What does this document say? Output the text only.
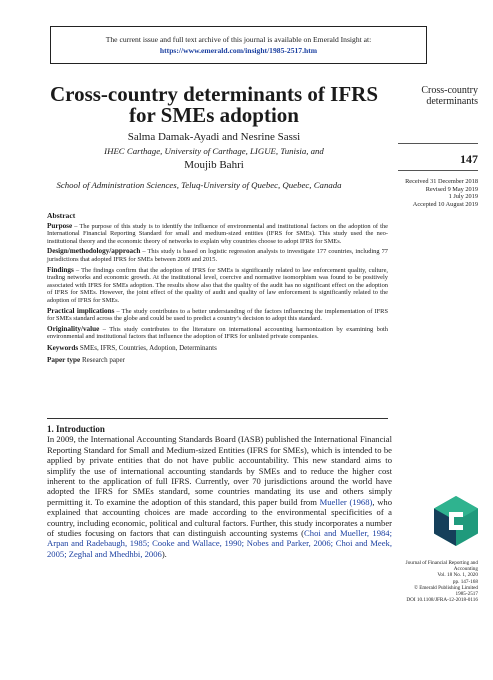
The current issue and full text archive of this journal is available on Emerald Insight at:
https://www.emerald.com/insight/1985-2517.htm
Cross-country determinants of IFRS for SMEs adoption
Salma Damak-Ayadi and Nesrine Sassi
IHEC Carthage, University of Carthage, LIGUE, Tunisia, and
Moujib Bahri
School of Administration Sciences, Teluq-University of Quebec, Quebec, Canada
Cross-country determinants
147
Received 31 December 2018
Revised 9 May 2019
1 July 2019
Accepted 10 August 2019
Abstract

Purpose – The purpose of this study is to identify the influence of environmental and institutional factors on the adoption of the International Financial Reporting Standard for small and medium-sized entities (IFRS for SMEs). This study used the neo-institutional theory and the economic theory of networks to explain why countries choose to adopt IFRS for SMEs.

Design/methodology/approach – This study is based on logistic regression analysis to investigate 177 countries, including 77 jurisdictions that adopted IFRS for SMEs between 2009 and 2015.

Findings – The findings confirm that the adoption of IFRS for SMEs is significantly related to law enforcement quality, culture, trading networks and economic growth. At the institutional level, coercive and normative isomorphism was found to be positively associated with IFRS for SMEs adoption. The results show also that the quality of the audit has no significant effect on the adoption of IFRS for SMEs. However, the joint effect of the quality of audit and quality of law enforcement is significantly related to the adoption of IFRS for SMEs.

Practical implications – The study contributes to a better understanding of the factors influencing the implementation of IFRS for SMEs standard across the globe and could be used to predict a country’s decision to adopt this standard.

Originality/value – This study contributes to the literature on international accounting harmonization by examining both environmental and institutional factors that influence the adoption of IFRS for unlisted private companies.

Keywords SMEs, IFRS, Countries, Adoption, Determinants

Paper type Research paper

1. Introduction
In 2009, the International Accounting Standards Board (IASB) published the International Financial Reporting Standard for Small and Medium-sized Entities (IFRS for SMEs), which is intended to be applied by private entities that do not have public accountability. This new standard aims to simplify the use of international accounting standards by SMEs and to reduce the higher cost inherent to the application of full IFRS. Currently, over 70 jurisdictions around the world have adopted the IFRS for SMEs standard, some countries mandating its use and others simply permitting it. To examine the adoption of this standard, this paper build from Mueller (1968), who explained that accounting choices are made according to the environmental specificities of a country, including economic, political and cultural factors. Further, this study incorporates a number of studies focusing on factors that can distinguish accounting systems (Choi and Mueller, 1984; Arpan and Radebaugh, 1985; Cooke and Wallace, 1990; Nobes and Parker, 2006; Choi and Meek, 2005; Zeghal and Mhedhbi, 2006).
Journal of Financial Reporting and
Accounting
Vol. 18 No. 1, 2020
pp. 147-168
© Emerald Publishing Limited
1985-2517
DOI 10.1108/JFRA-12-2018-0116
